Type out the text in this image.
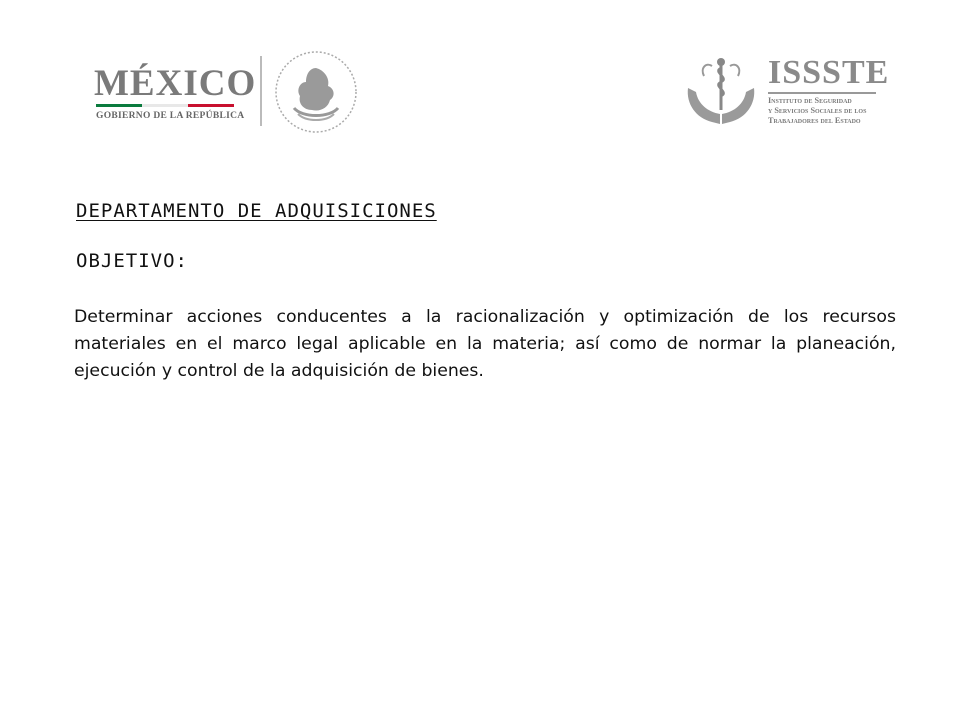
MÉXICO
GOBIERNO DE LA REPÚBLICA
ISSSTE
Instituto de Seguridad
y Servicios Sociales de los
Trabajadores del Estado
DEPARTAMENTO DE ADQUISICIONES
OBJETIVO:
Determinar acciones conducentes a la racionalización y optimización de los recursos materiales en el marco legal aplicable en la materia; así como de normar la planeación, ejecución y control de la adquisición de bienes.
